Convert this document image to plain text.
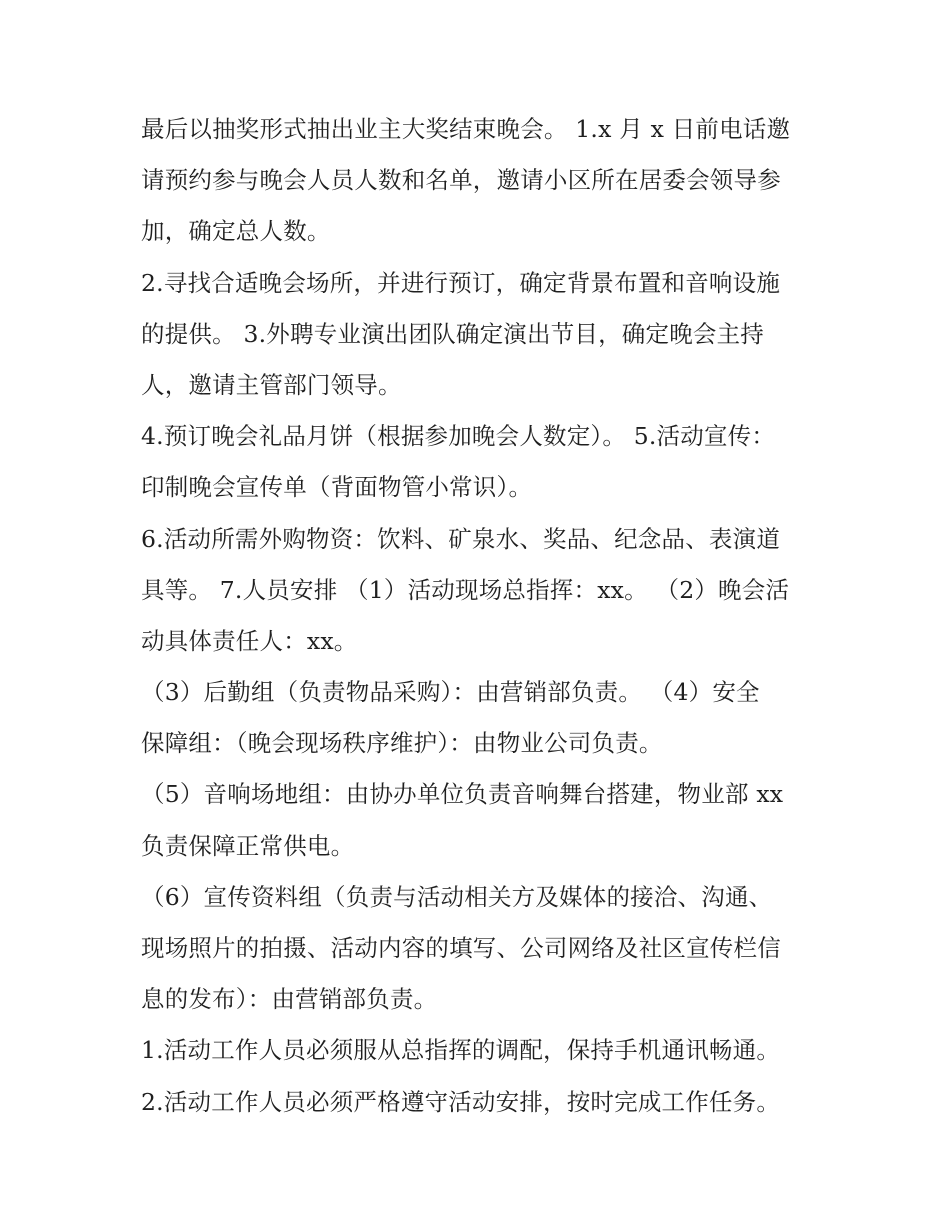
最后以抽奖形式抽出业主大奖结束晚会。 1.x 月 x 日前电话邀
请预约参与晚会人员人数和名单，邀请小区所在居委会领导参
加，确定总人数。
2.寻找合适晚会场所，并进行预订，确定背景布置和音响设施
的提供。 3.外聘专业演出团队确定演出节目，确定晚会主持
人，邀请主管部门领导。
4.预订晚会礼品月饼（根据参加晚会人数定）。 5.活动宣传：
印制晚会宣传单（背面物管小常识）。
6.活动所需外购物资：饮料、矿泉水、奖品、纪念品、表演道
具等。 7.人员安排 （1）活动现场总指挥：xx。 （2）晚会活
动具体责任人：xx。
（3）后勤组（负责物品采购）：由营销部负责。 （4）安全
保障组：（晚会现场秩序维护）：由物业公司负责。
（5）音响场地组：由协办单位负责音响舞台搭建，物业部 xx
负责保障正常供电。
（6）宣传资料组（负责与活动相关方及媒体的接洽、沟通、
现场照片的拍摄、活动内容的填写、公司网络及社区宣传栏信
息的发布）：由营销部负责。
1.活动工作人员必须服从总指挥的调配，保持手机通讯畅通。
2.活动工作人员必须严格遵守活动安排，按时完成工作任务。
